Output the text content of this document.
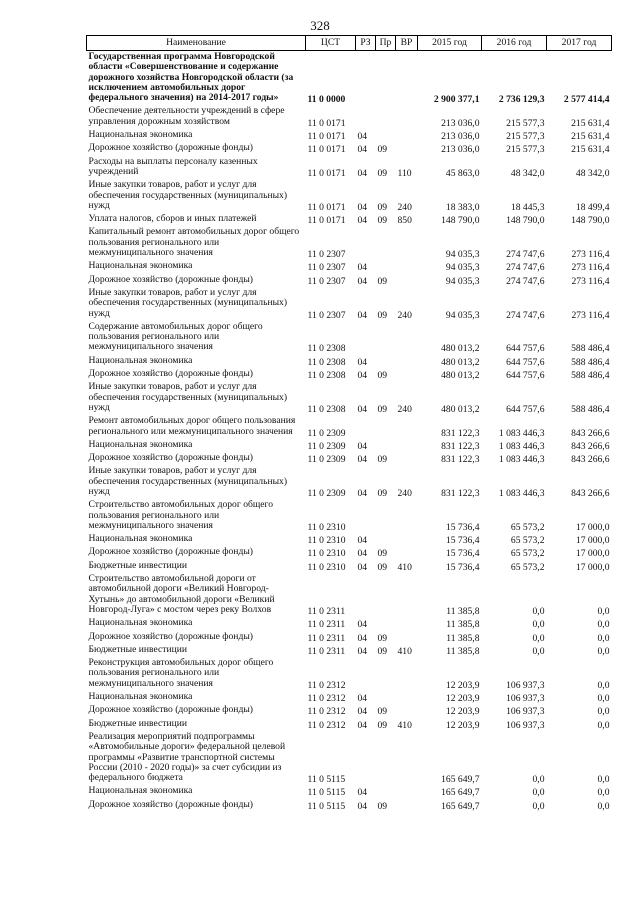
328
Наименование	ЦСТ	РЗ	Пр	ВР	2015 год	2016 год	2017 год
Государственная программа Новгородской области «Совершенствование и содержание дорожного хозяйства Новгородской области (за исключением автомобильных дорог федерального значения) на 2014-2017 годы»	11 0 0000				2 900 377,1	2 736 129,3	2 577 414,4
Обеспечение деятельности учреждений в сфере управления дорожным хозяйством	11 0 0171				213 036,0	215 577,3	215 631,4
Национальная экономика	11 0 0171	04			213 036,0	215 577,3	215 631,4
Дорожное хозяйство (дорожные фонды)	11 0 0171	04	09		213 036,0	215 577,3	215 631,4
Расходы на выплаты персоналу казенных учреждений	11 0 0171	04	09	110	45 863,0	48 342,0	48 342,0
Иные закупки товаров, работ и услуг для обеспечения государственных (муниципальных) нужд	11 0 0171	04	09	240	18 383,0	18 445,3	18 499,4
Уплата налогов, сборов и иных платежей	11 0 0171	04	09	850	148 790,0	148 790,0	148 790,0
Капитальный ремонт автомобильных дорог общего пользования регионального или межмуниципального значения	11 0 2307				94 035,3	274 747,6	273 116,4
Национальная экономика	11 0 2307	04			94 035,3	274 747,6	273 116,4
Дорожное хозяйство (дорожные фонды)	11 0 2307	04	09		94 035,3	274 747,6	273 116,4
Иные закупки товаров, работ и услуг для обеспечения государственных (муниципальных) нужд	11 0 2307	04	09	240	94 035,3	274 747,6	273 116,4
Содержание автомобильных дорог общего пользования регионального или межмуниципального значения	11 0 2308				480 013,2	644 757,6	588 486,4
Национальная экономика	11 0 2308	04			480 013,2	644 757,6	588 486,4
Дорожное хозяйство (дорожные фонды)	11 0 2308	04	09		480 013,2	644 757,6	588 486,4
Иные закупки товаров, работ и услуг для обеспечения государственных (муниципальных) нужд	11 0 2308	04	09	240	480 013,2	644 757,6	588 486,4
Ремонт автомобильных дорог общего пользования регионального или межмуниципального значения	11 0 2309				831 122,3	1 083 446,3	843 266,6
Национальная экономика	11 0 2309	04			831 122,3	1 083 446,3	843 266,6
Дорожное хозяйство (дорожные фонды)	11 0 2309	04	09		831 122,3	1 083 446,3	843 266,6
Иные закупки товаров, работ и услуг для обеспечения государственных (муниципальных) нужд	11 0 2309	04	09	240	831 122,3	1 083 446,3	843 266,6
Строительство автомобильных дорог общего пользования регионального или межмуниципального значения	11 0 2310				15 736,4	65 573,2	17 000,0
Национальная экономика	11 0 2310	04			15 736,4	65 573,2	17 000,0
Дорожное хозяйство (дорожные фонды)	11 0 2310	04	09		15 736,4	65 573,2	17 000,0
Бюджетные инвестиции	11 0 2310	04	09	410	15 736,4	65 573,2	17 000,0
Строительство автомобильной дороги от автомобильной дороги «Великий Новгород-Хутынь» до автомобильной дороги «Великий Новгород-Луга» с мостом через реку Волхов	11 0 2311				11 385,8	0,0	0,0
Национальная экономика	11 0 2311	04			11 385,8	0,0	0,0
Дорожное хозяйство (дорожные фонды)	11 0 2311	04	09		11 385,8	0,0	0,0
Бюджетные инвестиции	11 0 2311	04	09	410	11 385,8	0,0	0,0
Реконструкция автомобильных дорог общего пользования регионального или межмуниципального значения	11 0 2312				12 203,9	106 937,3	0,0
Национальная экономика	11 0 2312	04			12 203,9	106 937,3	0,0
Дорожное хозяйство (дорожные фонды)	11 0 2312	04	09		12 203,9	106 937,3	0,0
Бюджетные инвестиции	11 0 2312	04	09	410	12 203,9	106 937,3	0,0
Реализация мероприятий подпрограммы «Автомобильные дороги» федеральной целевой программы «Развитие транспортной системы России (2010 - 2020 годы)» за счет субсидии из федерального бюджета	11 0 5115				165 649,7	0,0	0,0
Национальная экономика	11 0 5115	04			165 649,7	0,0	0,0
Дорожное хозяйство (дорожные фонды)	11 0 5115	04	09		165 649,7	0,0	0,0
